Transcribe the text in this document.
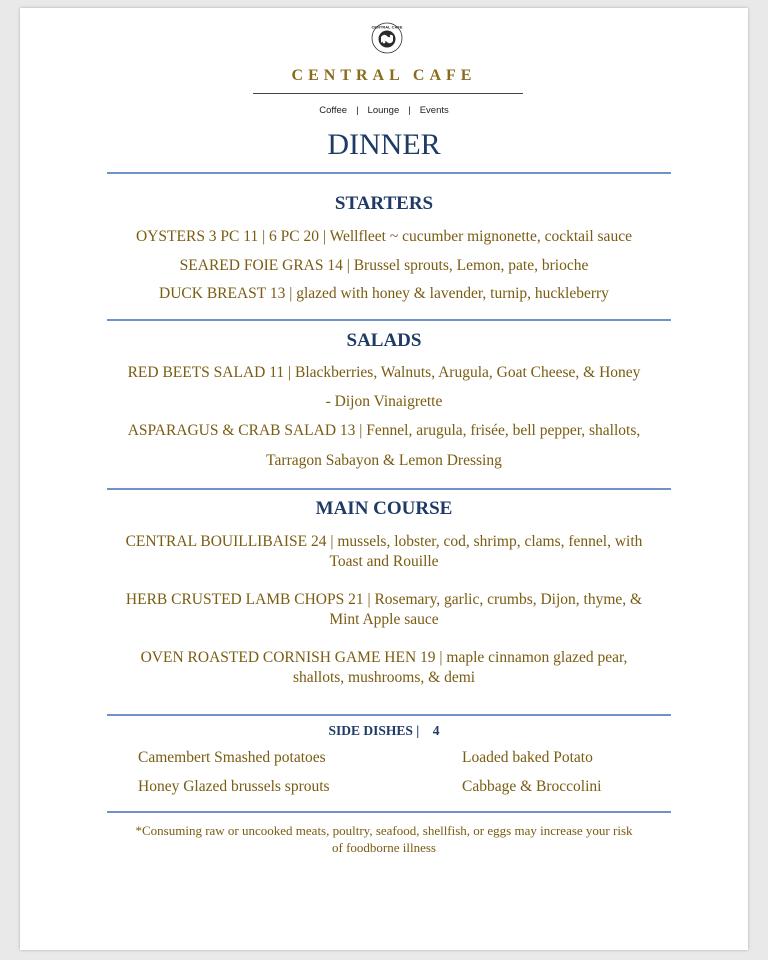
CENTRAL CAFE
CENTRAL CAFE
Coffee | Lounge | Events
DINNER
STARTERS
OYSTERS 3 PC 11 | 6 PC 20 | Wellfleet ~ cucumber mignonette, cocktail sauce
SEARED FOIE GRAS 14 | Brussel sprouts, Lemon, pate, brioche
DUCK BREAST 13 | glazed with honey & lavender, turnip, huckleberry
SALADS
RED BEETS SALAD 11 | Blackberries, Walnuts, Arugula, Goat Cheese, & Honey
- Dijon Vinaigrette
ASPARAGUS & CRAB SALAD 13 | Fennel, arugula, frisée, bell pepper, shallots,
Tarragon Sabayon & Lemon Dressing
MAIN COURSE
CENTRAL BOUILLIBAISE 24 | mussels, lobster, cod, shrimp, clams, fennel, with
Toast and Rouille
HERB CRUSTED LAMB CHOPS 21 | Rosemary, garlic, crumbs, Dijon, thyme, &
Mint Apple sauce
OVEN ROASTED CORNISH GAME HEN 19 | maple cinnamon glazed pear,
shallots, mushrooms, & demi
SIDE DISHES |    4
Camembert Smashed potatoes	Loaded baked Potato
Honey Glazed brussels sprouts	Cabbage & Broccolini
*Consuming raw or uncooked meats, poultry, seafood, shellfish, or eggs may increase your risk
of foodborne illness
